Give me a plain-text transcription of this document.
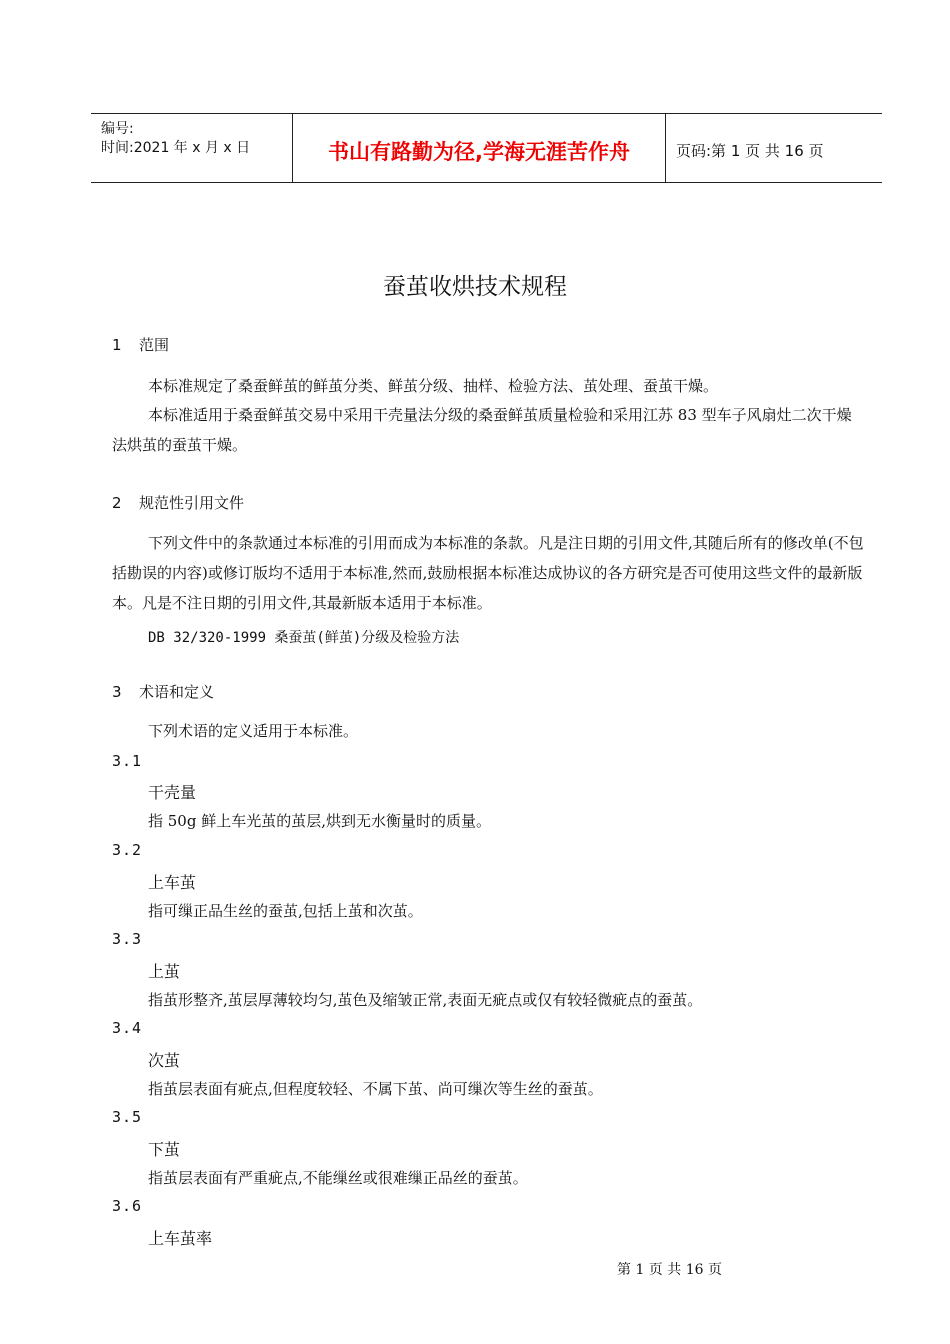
编号:
时间:2021 年 x 月 x 日	书山有路勤为径,学海无涯苦作舟	页码:第 1 页 共 16 页
蚕茧收烘技术规程
1 范围
本标准规定了桑蚕鲜茧的鲜茧分类、鲜茧分级、抽样、检验方法、茧处理、蚕茧干燥。
本标准适用于桑蚕鲜茧交易中采用干壳量法分级的桑蚕鲜茧质量检验和采用江苏 83 型车子风扇灶二次干燥法烘茧的蚕茧干燥。
2 规范性引用文件
下列文件中的条款通过本标准的引用而成为本标准的条款。凡是注日期的引用文件,其随后所有的修改单(不包括勘误的内容)或修订版均不适用于本标准,然而,鼓励根据本标准达成协议的各方研究是否可使用这些文件的最新版本。凡是不注日期的引用文件,其最新版本适用于本标准。
DB 32/320-1999 桑蚕茧(鲜茧)分级及检验方法
3 术语和定义
下列术语的定义适用于本标准。
3.1
干壳量
指 50g 鲜上车光茧的茧层,烘到无水衡量时的质量。
3.2
上车茧
指可缫正品生丝的蚕茧,包括上茧和次茧。
3.3
上茧
指茧形整齐,茧层厚薄较均匀,茧色及缩皱正常,表面无疵点或仅有较轻微疵点的蚕茧。
3.4
次茧
指茧层表面有疵点,但程度较轻、不属下茧、尚可缫次等生丝的蚕茧。
3.5
下茧
指茧层表面有严重疵点,不能缫丝或很难缫正品丝的蚕茧。
3.6
上车茧率
第 1 页 共 16 页
